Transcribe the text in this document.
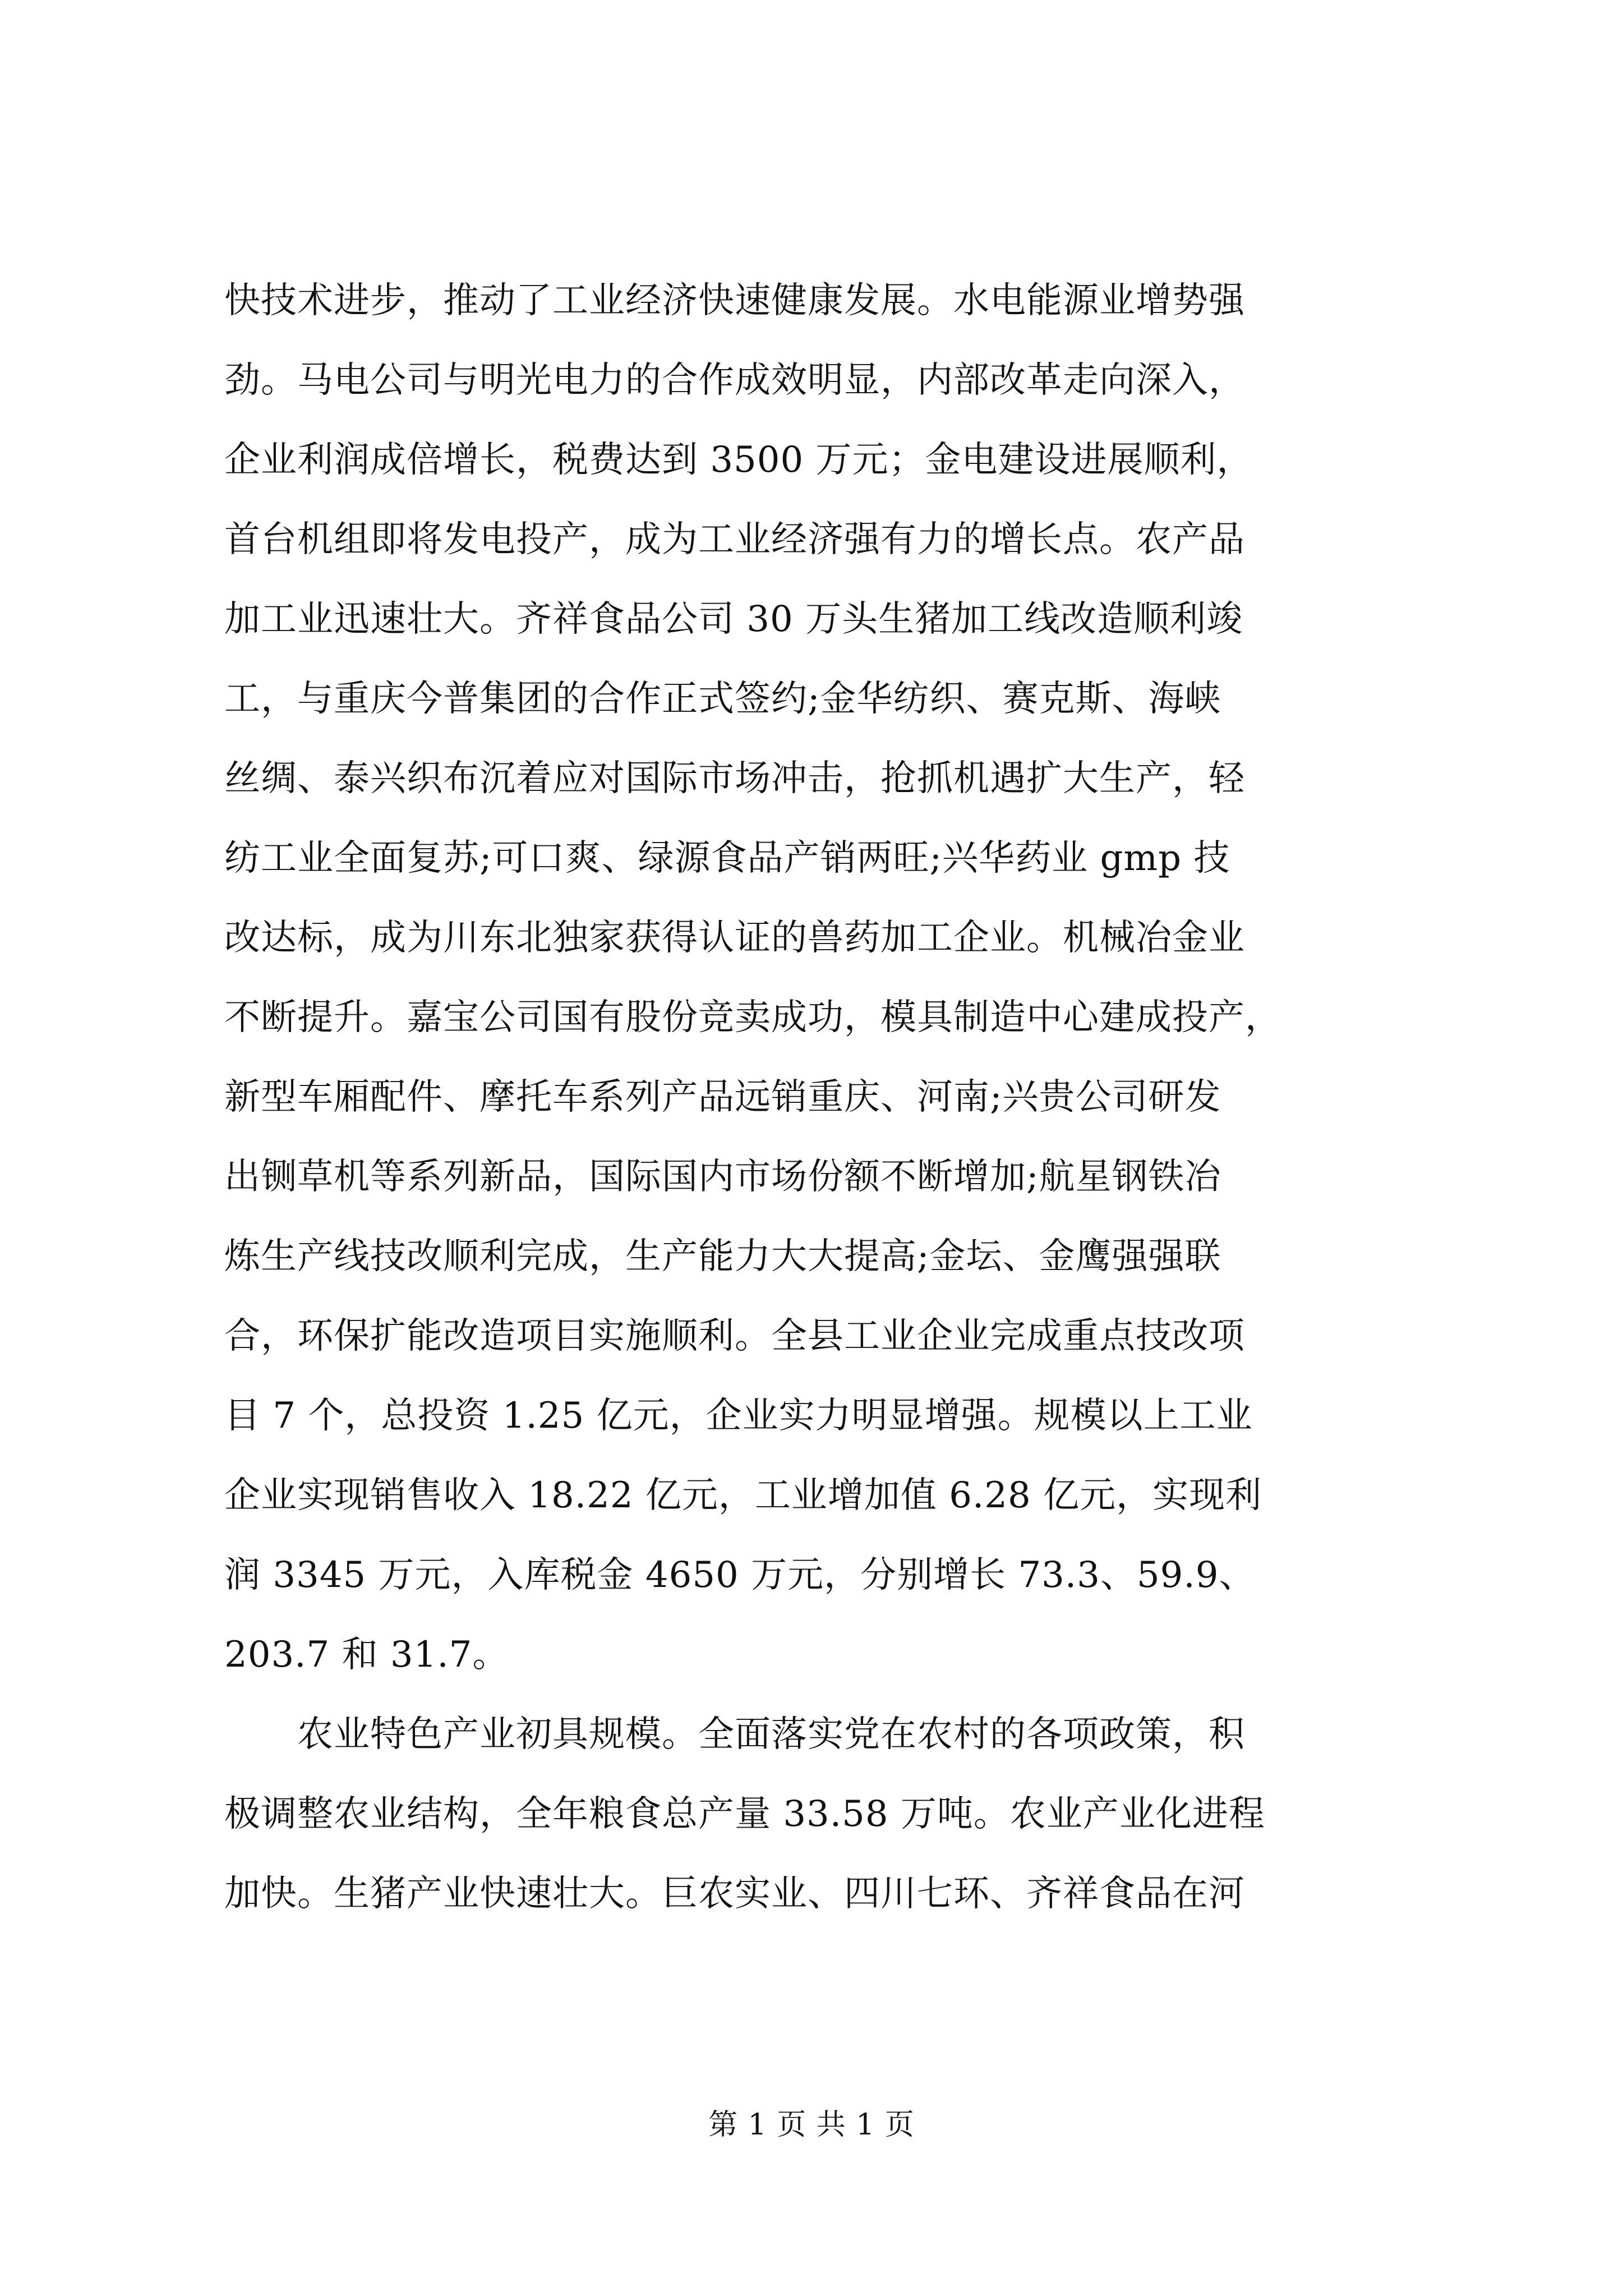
快技术进步，推动了工业经济快速健康发展。水电能源业增势强
劲。马电公司与明光电力的合作成效明显，内部改革走向深入，
企业利润成倍增长，税费达到 3500 万元；金电建设进展顺利，
首台机组即将发电投产，成为工业经济强有力的增长点。农产品
加工业迅速壮大。齐祥食品公司 30 万头生猪加工线改造顺利竣
工，与重庆今普集团的合作正式签约;金华纺织、赛克斯、海峡
丝绸、泰兴织布沉着应对国际市场冲击，抢抓机遇扩大生产，轻
纺工业全面复苏;可口爽、绿源食品产销两旺;兴华药业 gmp 技
改达标，成为川东北独家获得认证的兽药加工企业。机械冶金业
不断提升。嘉宝公司国有股份竞卖成功，模具制造中心建成投产，
新型车厢配件、摩托车系列产品远销重庆、河南;兴贵公司研发
出铡草机等系列新品，国际国内市场份额不断增加;航星钢铁冶
炼生产线技改顺利完成，生产能力大大提高;金坛、金鹰强强联
合，环保扩能改造项目实施顺利。全县工业企业完成重点技改项
目 7 个，总投资 1.25 亿元，企业实力明显增强。规模以上工业
企业实现销售收入 18.22 亿元，工业增加值 6.28 亿元，实现利
润 3345 万元，入库税金 4650 万元，分别增长 73.3、59.9、
203.7 和 31.7。
农业特色产业初具规模。全面落实党在农村的各项政策，积
极调整农业结构，全年粮食总产量 33.58 万吨。农业产业化进程
加快。生猪产业快速壮大。巨农实业、四川七环、齐祥食品在河
第 1 页 共 1 页
